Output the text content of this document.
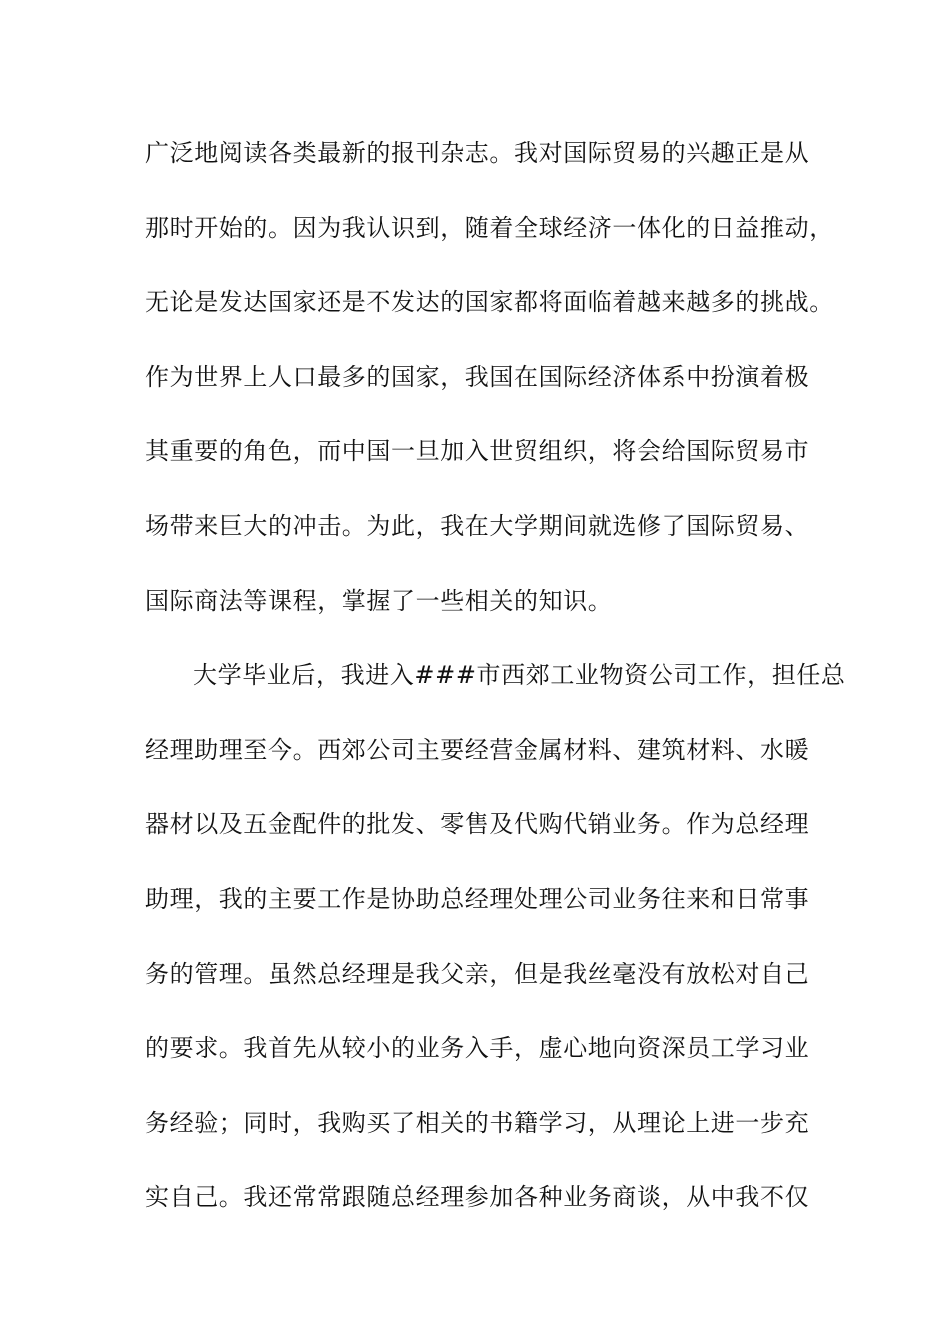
广泛地阅读各类最新的报刊杂志。我对国际贸易的兴趣正是从
那时开始的。因为我认识到，随着全球经济一体化的日益推动，
无论是发达国家还是不发达的国家都将面临着越来越多的挑战。
作为世界上人口最多的国家，我国在国际经济体系中扮演着极
其重要的角色，而中国一旦加入世贸组织，将会给国际贸易市
场带来巨大的冲击。为此，我在大学期间就选修了国际贸易、
国际商法等课程，掌握了一些相关的知识。
大学毕业后，我进入###市西郊工业物资公司工作，担任总
经理助理至今。西郊公司主要经营金属材料、建筑材料、水暖
器材以及五金配件的批发、零售及代购代销业务。作为总经理
助理，我的主要工作是协助总经理处理公司业务往来和日常事
务的管理。虽然总经理是我父亲，但是我丝毫没有放松对自己
的要求。我首先从较小的业务入手，虚心地向资深员工学习业
务经验；同时，我购买了相关的书籍学习，从理论上进一步充
实自己。我还常常跟随总经理参加各种业务商谈，从中我不仅
